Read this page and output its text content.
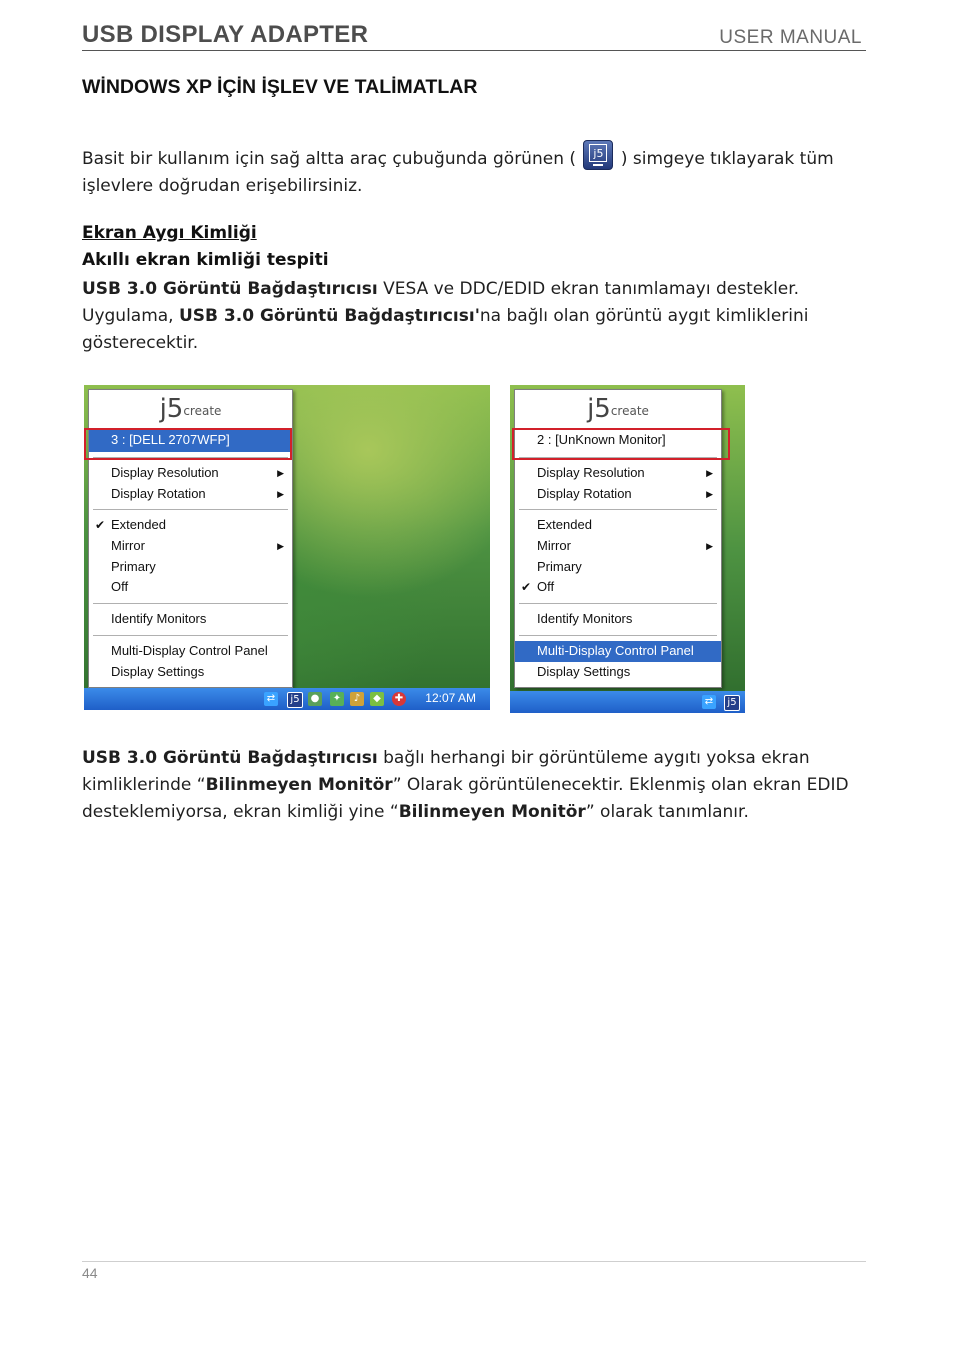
USB DISPLAY ADAPTER	USER MANUAL
WİNDOWS XP İÇİN İŞLEV VE TALİMATLAR
Basit bir kullanım için sağ altta araç çubuğunda görünen (	j5 ) simgeye tıklayarak tüm işlevlere doğrudan erişebilirsiniz.
Ekran Aygı Kimliği
Akıllı ekran kimliği tespiti
USB 3.0 Görüntü Bağdaştırıcısı VESA ve DDC/EDID ekran tanımlamayı destekler. Uygulama, USB 3.0 Görüntü Bağdaştırıcısı'na bağlı olan görüntü aygıt kimliklerini gösterecektir.
j5create
3 : [DELL 2707WFP]
Display Resolution	▶
Display Rotation	▶
✔ Extended
Mirror	▶
Primary
Off
Identify Monitors
Multi-Display Control Panel
Display Settings
⇄	j5	● ✦	♪	◆	✚ 12:07 AM
j5create
2 : [UnKnown Monitor]
Display Resolution	▶
Display Rotation	▶
Extended
Mirror	▶
Primary
✔ Off
Identify Monitors
Multi-Display Control Panel
Display Settings
⇄	j5
USB 3.0 Görüntü Bağdaştırıcısı bağlı herhangi bir görüntüleme aygıtı yoksa ekran kimliklerinde “Bilinmeyen Monitör” Olarak görüntülenecektir. Eklenmiş olan ekran EDID desteklemiyorsa, ekran kimliği yine “Bilinmeyen Monitör” olarak tanımlanır.
44
